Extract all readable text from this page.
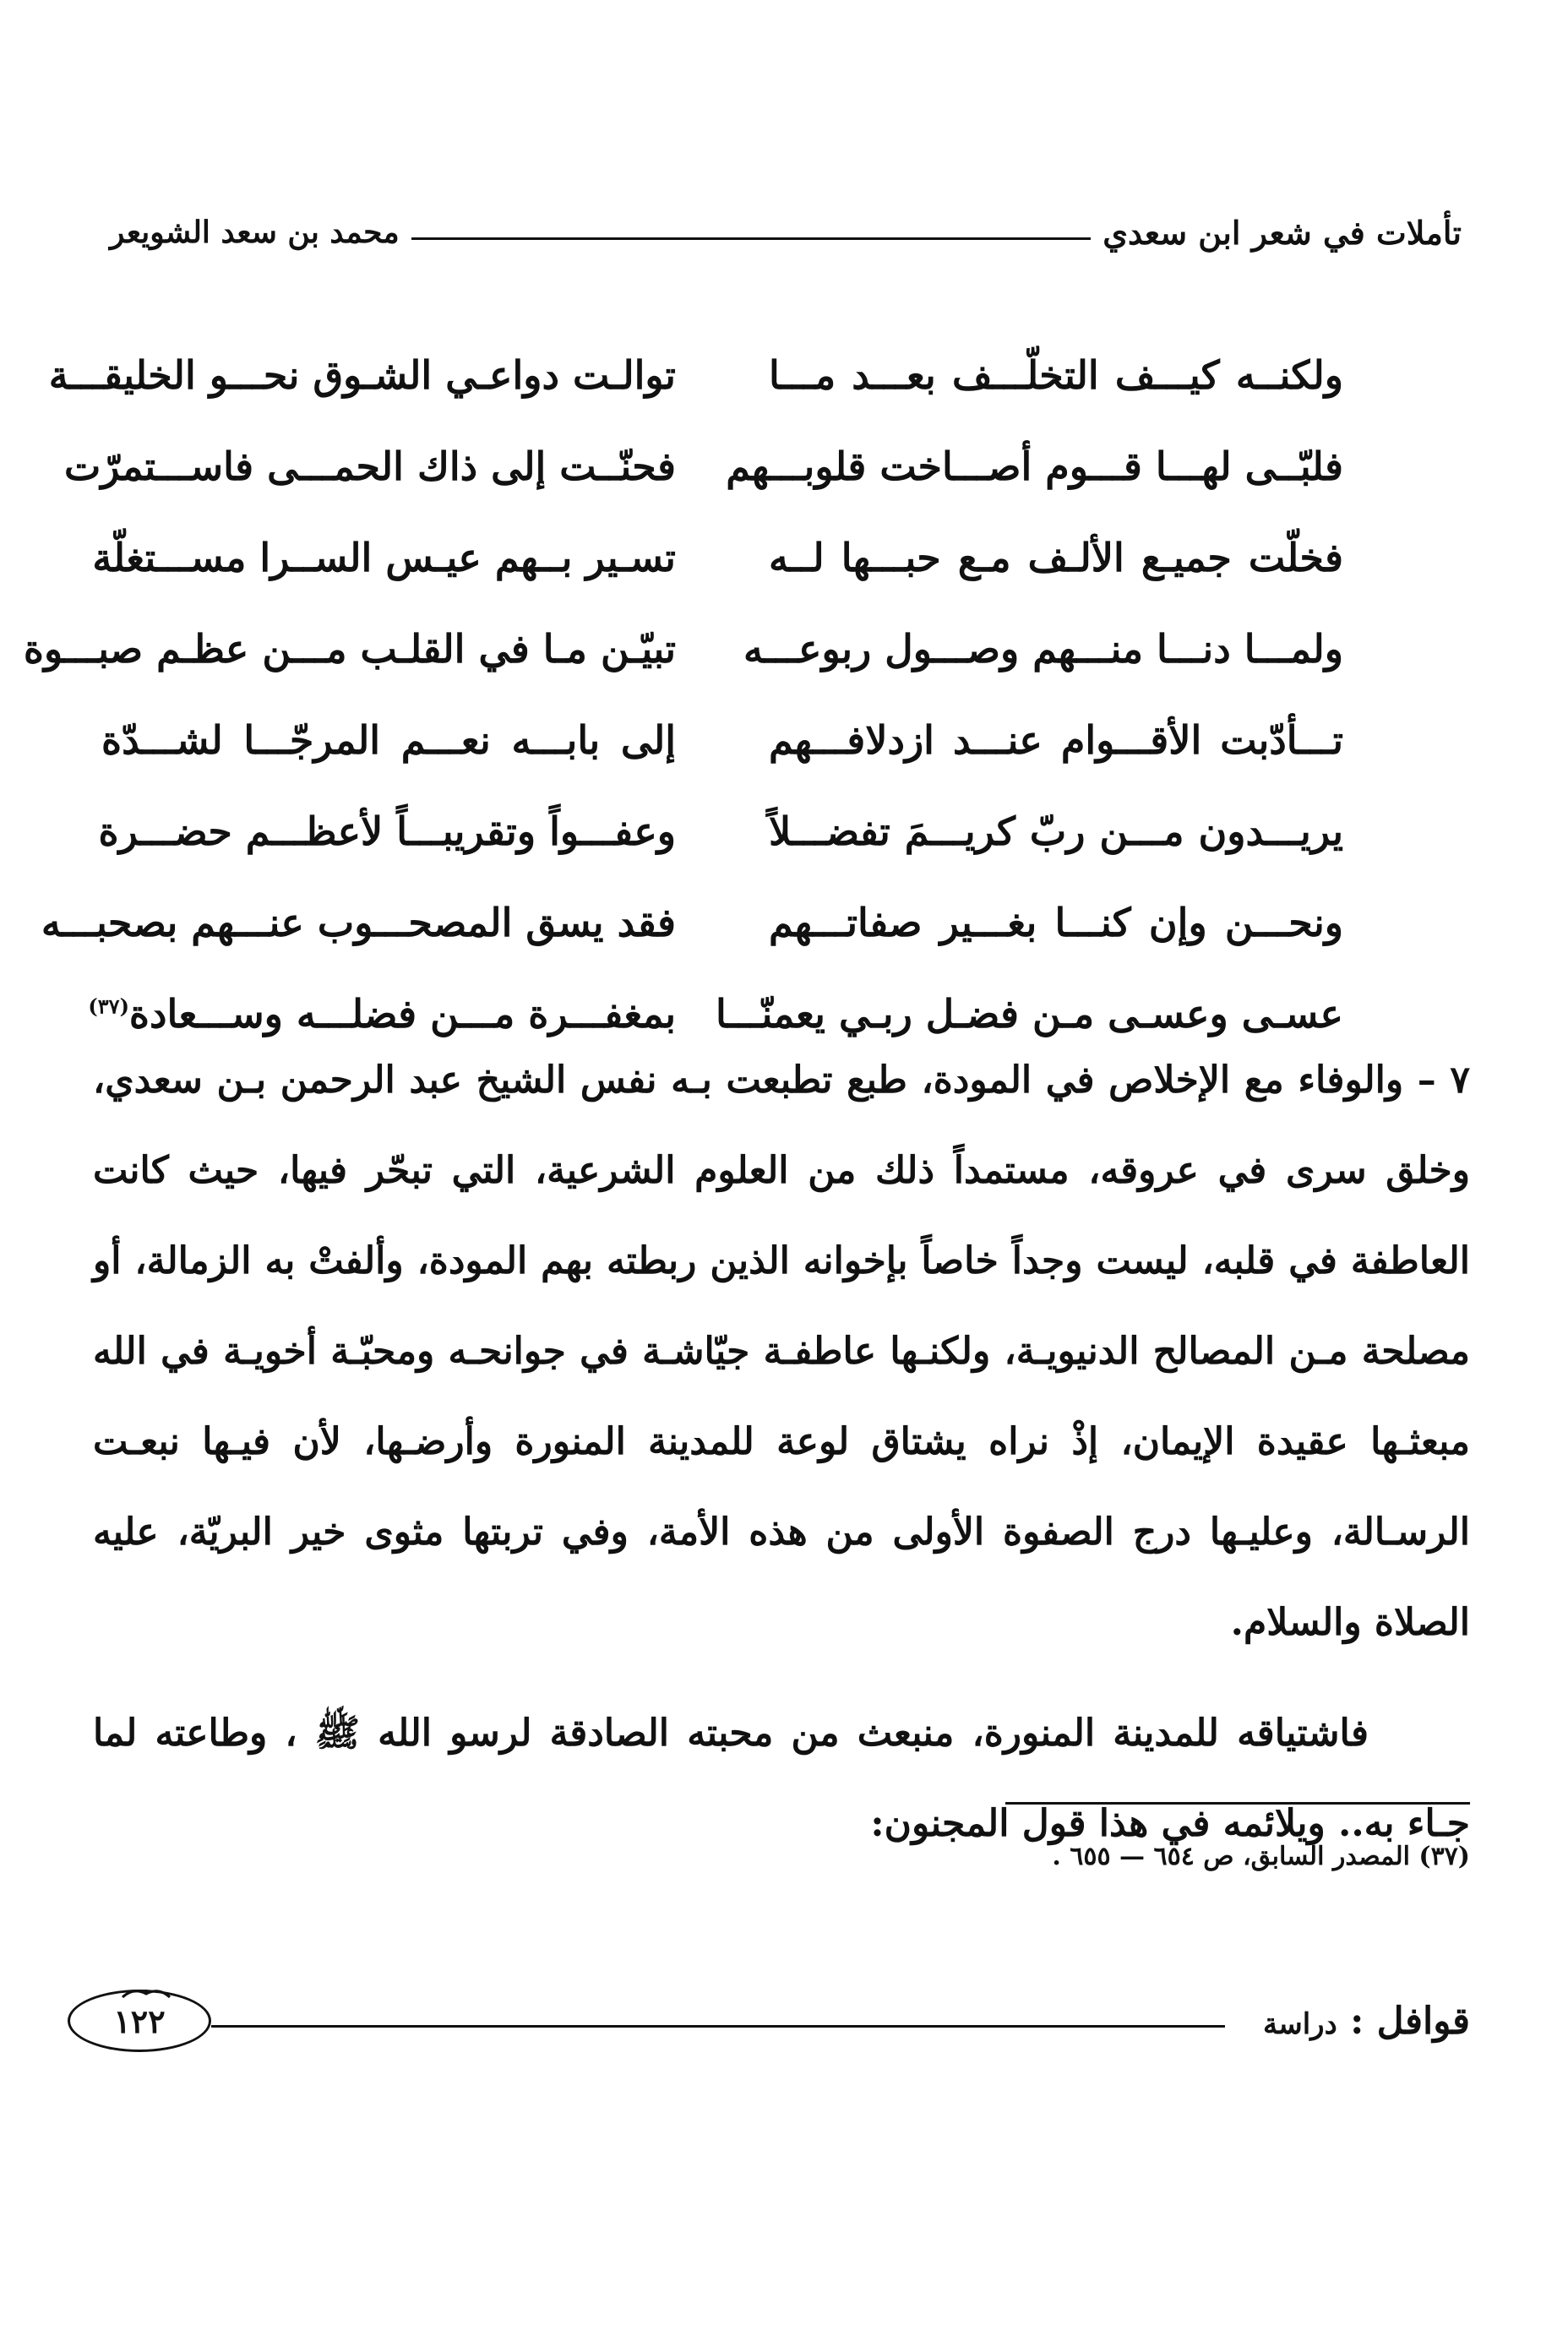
تأملات في شعر ابن سعدي
محمد بن سعد الشويعر
ولكنــه كيـــف التخلّـــف بعـــد مـــا
توالـت دواعـي الشـوق نحـــو الخليقـــة
فلبّــى لهـــا قـــوم أصـــاخت قلوبـــهم
فحنّــت إلى ذاك الحمـــى فاســـتمرّت
فخلّت جميـع الألـف مـع حبـــها لــه
تسـير بــهم عيـس الســرا مســـتغلّة
ولمـــا دنـــا منـــهم وصـــول ربوعـــه
تبيّـن مـا في القلـب مـــن عظـم صبـــوة
تـــأدّبت الأقـــوام عنـــد ازدلافـــهم
إلى بابـــه نعـــم المرجّـــا لشـــدّة
يريـــدون مـــن ربّ كريـــمَ تفضـــلاً
وعفـــواً وتقريبـــاً لأعظـــم حضـــرة
ونحـــن وإن كنـــا بغـــير صفاتـــهم
فقد يسق المصحـــوب عنـــهم بصحبـــه
عسـى وعسـى مـن فضـل ربـي يعمنّـــا
بمغفـــرة مـــن فضلـــه وســـعادة$^{(٣٧)}$

٧ – والوفاء مع الإخلاص في المودة، طبع تطبعت بـه نفس الشيخ عبد الرحمن بـن سعدي، وخلق سرى في عروقه، مستمداً ذلك من العلوم الشرعية، التي تبحّر فيها، حيث كانت العاطفة في قلبه، ليست وجداً خاصاً بإخوانه الذين ربطته بهم المودة، وألفتْ به الزمالة، أو مصلحة مـن المصالح الدنيويـة، ولكنـها عاطفـة جيّاشـة في جوانحـه ومحبّـة أخويـة في الله مبعثـها عقيدة الإيمان، إذْ نراه يشتاق لوعة للمدينة المنورة وأرضـها، لأن فيـها نبعـت الرسـالة، وعليـها درج الصفوة الأولى من هذه الأمة، وفي تربتها مثوى خير البريّة، عليه الصلاة والسلام.

فاشتياقه للمدينة المنورة، منبعث من محبته الصادقة لرسو الله ﷺ ، وطاعته لما جـاء به.. ويلائمه في هذا قول المجنون:

(٣٧) المصدر السابق، ص ٦٥٤ — ٦٥٥ .
قوافل : دراسة
١٢٢
